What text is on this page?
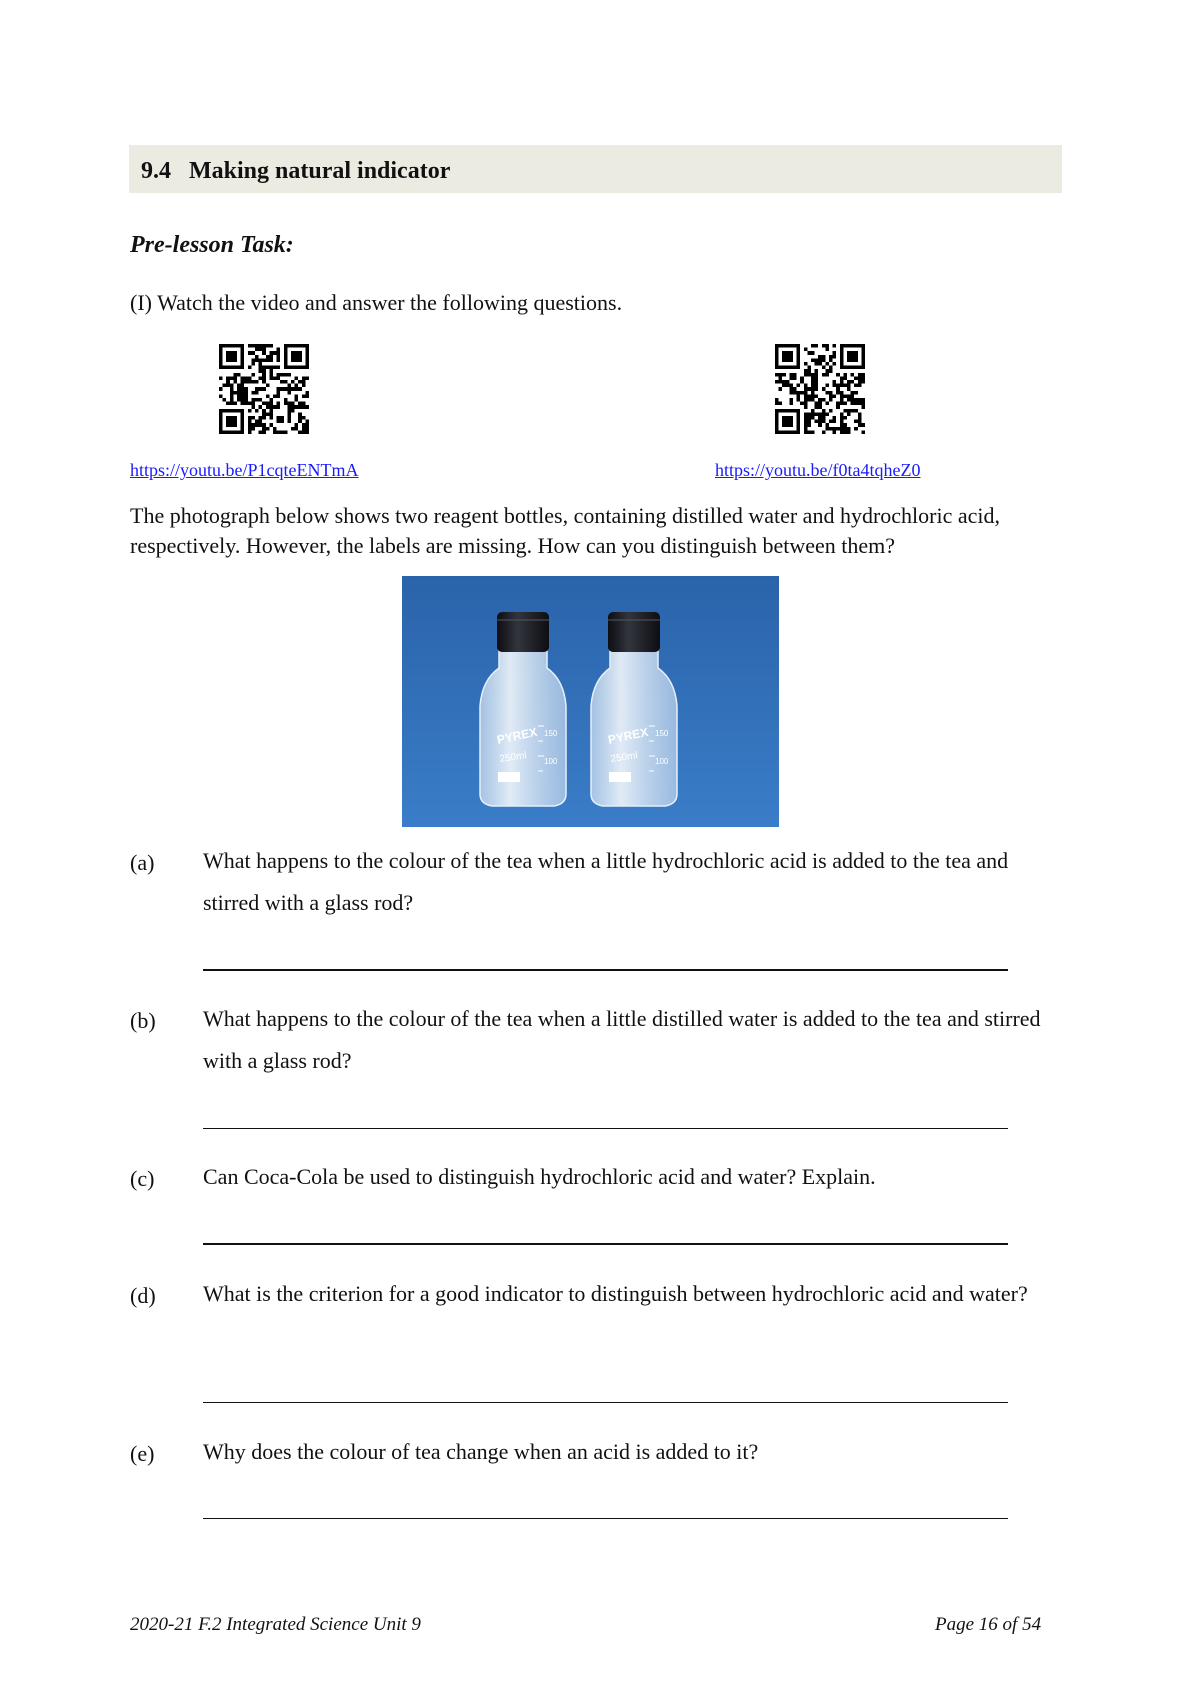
9.4 Making natural indicator
Pre-lesson Task:
(I) Watch the video and answer the following questions.
https://youtu.be/P1cqteENTmA	https://youtu.be/f0ta4tqheZ0
The photograph below shows two reagent bottles, containing distilled water and hydrochloric acid, respectively. However, the labels are missing. How can you distinguish between them?
PYREX
250ml
150
100
PYREX
250ml
150
100
(a) What happens to the colour of the tea when a little hydrochloric acid is added to the tea and stirred with a glass rod?
(b) What happens to the colour of the tea when a little distilled water is added to the tea and stirred with a glass rod?
(c) Can Coca-Cola be used to distinguish hydrochloric acid and water? Explain.
(d) What is the criterion for a good indicator to distinguish between hydrochloric acid and water?
(e) Why does the colour of tea change when an acid is added to it?
2020-21 F.2 Integrated Science Unit 9	Page 16 of 54
